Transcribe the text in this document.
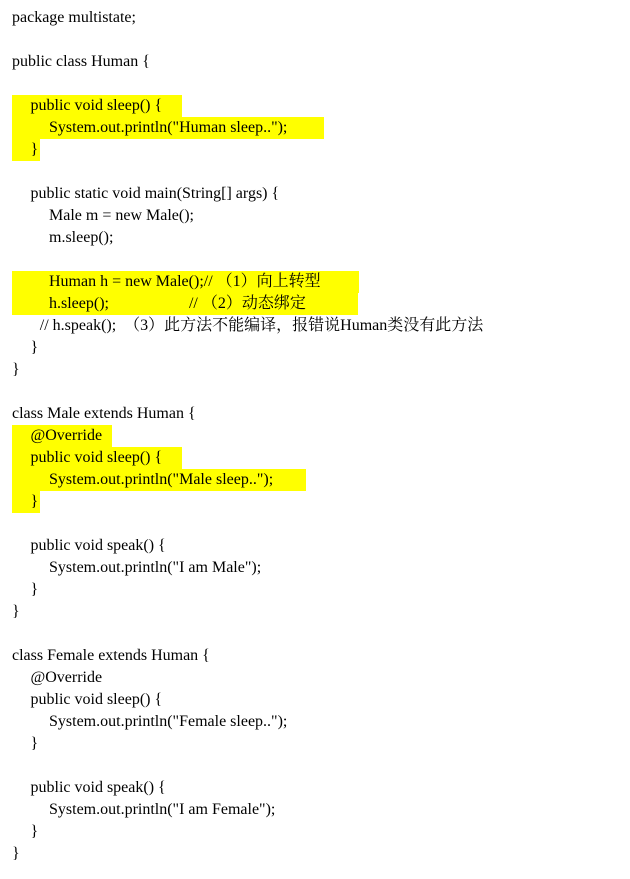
package multistate;
public class Human {
public void sleep() {
System.out.println("Human sleep..");
}
public static void main(String[] args) {
Male m = new Male();
m.sleep();
Human h = new Male();// （1）向上转型
h.sleep();                    // （2）动态绑定
// h.speak();  （3）此方法不能编译，报错说Human类没有此方法
}
}
class Male extends Human {
@Override
public void sleep() {
System.out.println("Male sleep..");
}
public void speak() {
System.out.println("I am Male");
}
}
class Female extends Human {
@Override
public void sleep() {
System.out.println("Female sleep..");
}
public void speak() {
System.out.println("I am Female");
}
}
